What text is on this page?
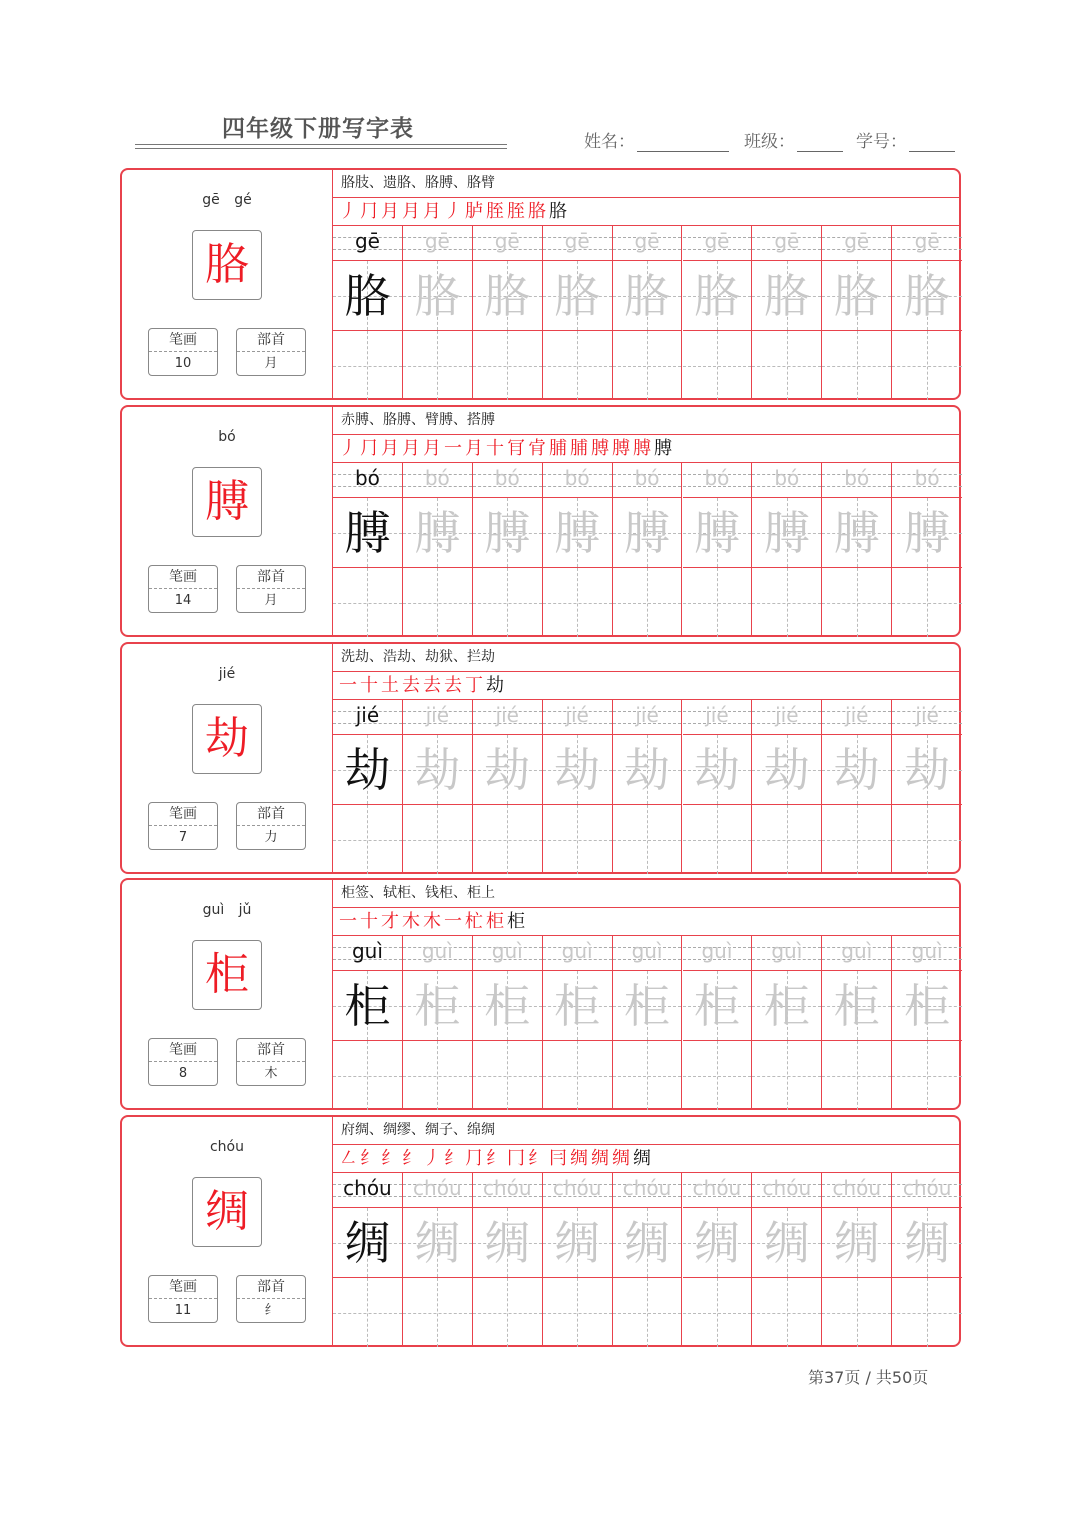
四年级下册写字表	姓名：	班级：	学号：
gē gé
胳
笔画
10
部首
月
胳肢、遗胳、胳膊、胳臂
丿⺆月月月丿胪胵胵胳胳
gē
胳
gē
胳
gē
胳
gē
胳
gē
胳
gē
胳
gē
胳
gē
胳
gē
胳
bó
膊
笔画
14
部首
月
赤膊、胳膊、臂膊、搭膊
丿⺆月月月一月十肎肻脯脯膊膊膊膊
bó
膊
bó
膊
bó
膊
bó
膊
bó
膊
bó
膊
bó
膊
bó
膊
bó
膊
jié
劫
笔画
7
部首
力
洗劫、浩劫、劫狱、拦劫
一十土去去去丁劫
jié
劫
jié
劫
jié
劫
jié
劫
jié
劫
jié
劫
jié
劫
jié
劫
jié
劫
guì jǔ
柜
笔画
8
部首
木
柜签、轼柜、钱柜、柜上
一十才木木一杧柜柜
guì
柜
guì
柜
guì
柜
guì
柜
guì
柜
guì
柜
guì
柜
guì
柜
guì
柜
chóu
绸
笔画
11
部首
纟
府绸、绸缪、绸子、绵绸
㇜纟纟纟丿纟⺆纟冂纟冃绸绸绸绸
chóu
绸
chóu
绸
chóu
绸
chóu
绸
chóu
绸
chóu
绸
chóu
绸
chóu
绸
chóu
绸
第37页 / 共50页
